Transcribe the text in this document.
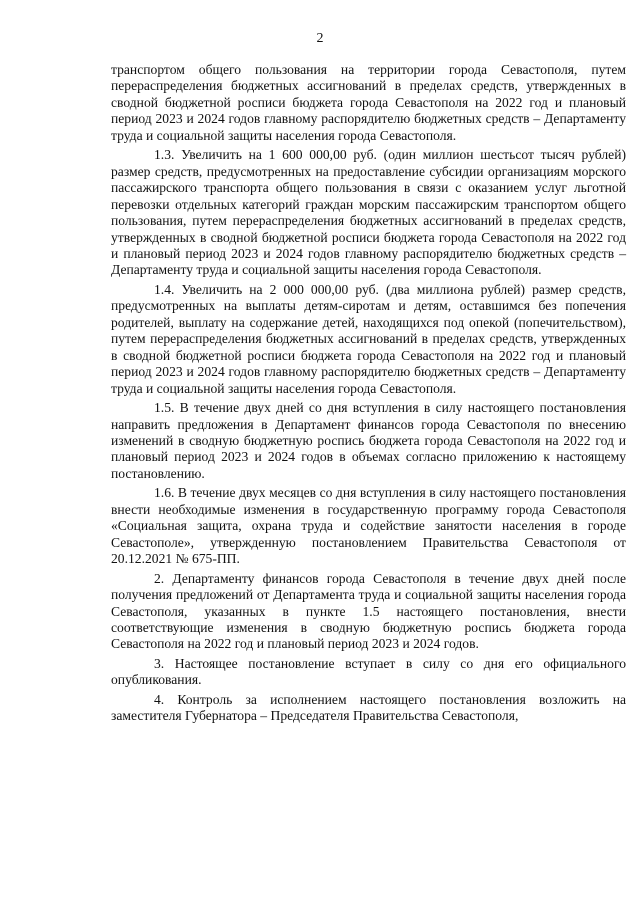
2

транспортом общего пользования на территории города Севастополя, путем перераспределения бюджетных ассигнований в пределах средств, утвержденных в сводной бюджетной росписи бюджета города Севастополя на 2022 год и плановый период 2023 и 2024 годов главному распорядителю бюджетных средств – Департаменту труда и социальной защиты населения города Севастополя.

1.3. Увеличить на 1 600 000,00 руб. (один миллион шестьсот тысяч рублей) размер средств, предусмотренных на предоставление субсидии организациям морского пассажирского транспорта общего пользования в связи с оказанием услуг льготной перевозки отдельных категорий граждан морским пассажирским транспортом общего пользования, путем перераспределения бюджетных ассигнований в пределах средств, утвержденных в сводной бюджетной росписи бюджета города Севастополя на 2022 год и плановый период 2023 и 2024 годов главному распорядителю бюджетных средств – Департаменту труда и социальной защиты населения города Севастополя.

1.4. Увеличить на 2 000 000,00 руб. (два миллиона рублей) размер средств, предусмотренных на выплаты детям-сиротам и детям, оставшимся без попечения родителей, выплату на содержание детей, находящихся под опекой (попечительством), путем перераспределения бюджетных ассигнований в пределах средств, утвержденных в сводной бюджетной росписи бюджета города Севастополя на 2022 год и плановый период 2023 и 2024 годов главному распорядителю бюджетных средств – Департаменту труда и социальной защиты населения города Севастополя.

1.5. В течение двух дней со дня вступления в силу настоящего постановления направить предложения в Департамент финансов города Севастополя по внесению изменений в сводную бюджетную роспись бюджета города Севастополя на 2022 год и плановый период 2023 и 2024 годов в объемах согласно приложению к настоящему постановлению.

1.6. В течение двух месяцев со дня вступления в силу настоящего постановления внести необходимые изменения в государственную программу города Севастополя «Социальная защита, охрана труда и содействие занятости населения в городе Севастополе», утвержденную постановлением Правительства Севастополя от 20.12.2021 № 675-ПП.

2. Департаменту финансов города Севастополя в течение двух дней после получения предложений от Департамента труда и социальной защиты населения города Севастополя, указанных в пункте 1.5 настоящего постановления, внести соответствующие изменения в сводную бюджетную роспись бюджета города Севастополя на 2022 год и плановый период 2023 и 2024 годов.

3. Настоящее постановление вступает в силу со дня его официального опубликования.

4. Контроль за исполнением настоящего постановления возложить на заместителя Губернатора – Председателя Правительства Севастополя,
